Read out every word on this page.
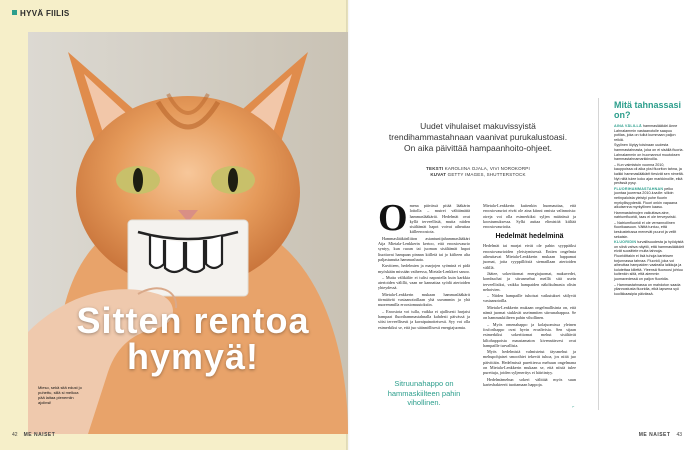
HYVÄ FIILIS
Sitten rentoa
hymyä!
Mieso, sekä sitä edust jo puhettu, sillä si melkoa pää laitaa pienemiin ajolinsi!
42 ME NAISET	ME NAISET 43
Uudet vihulaiset makuvissyistä trendihammastahnaan vaanivat purukalustoasi. On aika päivittää hampaanhoito-ohjeet.
TEKSTI KAROLIINA OJALA, VIVI NOROKORPI
KUVAT GETTY IMAGES, SHUTTERSTOCK
O mena päivässä pitää lääkärin loitolla – mutrei välttämättä hammaslääkäriä. Hedelmät ovat kyllä terveellisiä, mutta niiden sisältämät hapot voivat aiheuttaa kiilleeroosiota.

Hammaslääkäriliiton asiantuntijahammaslääkäri Aija Mietala-Lenkkerin kertoo, että eroosiovaurio syntyy, kun ruoan tai juoman sisältämät hapot liuottavat hampaan pinnan kiilletä tai jo kiilteen alta paljastunutta hammasluuta.

Kuvitteen, hedelmien ja marjojen syöminä ei pidä myöskään missään vaiheessa, Mietala-Lenkkeri sanoo.

– Mutta välikäläv ei tulisi napostella kuin karkkia aterioiden välillä, vaan ne kannattaa syödä aterioiden yhteydessä.

Mietala-Lenkkerin mukaan hammaslääkärit törmäävät vastaanotoillaan yhä useammin ja yhä nuoremmilla eroosiomuutoksiin.

– Eroosiota voi tulla, vaikka ei ajallisesti harjaisi hampaat fluorihammastahnalla kahdesti päivässä ja söisi terveellisesti ja kavaipainotteisesti. Syy voi olla esimerkiksi se, että juo säännöllisesti energiajuomia.

Sitruunahappo on hammaskiilteen pahin vihollinen.

Mietala-Lenkkerin kuitenkin huomauttaa, että eroosiovauriot eivät ole aina kiinni omista valinnoista: oireja voi olla esimerkiksi syljen määrässä ja koostumuksessa. Sylki auttaa elimistöä kiiltää eroosiovaurioita.

Hedelmät hedelminä

Hedelmät tai marjat eivät ole pahin syyppäiksi eroosiovaurioiden yleistymisessä. Entien ongelmia aiheuttavat Mietala-Lenkkerin mukaan happamat juomat, joita ryyppillöisiä siemaillaan aterioiden välillä.

Jäätee, sokerittomat energiajuomat, makuvedet, kombuchat ja sitrusmehut meillä sitä usein terveellisiksi, vaikka hampaiden näkökulmasta olisin nehoivien.

– Niiden hampaille tuhoisat vaikutukset säilyvät vastaanotoilla.

Mietala-Lenkkerin mukaan ongelmallisinta on, että nämä juomat siukkvät useimmiten siirrunahappoa. Se on hammaskiilteen pahin vihollinen.

– Myös omenahappo ja kolajuomissa yleinen fosforihappo ovat hyvin eroaltvisia. Sen sijaan esimerkiksi sokerittomat mehut sisältävät kiltohappoista maustamaton kivennäisvesi ovat hampaille turvallisia.

Myös hedelmistä valmistetut täysmehut ja mehupohjaiset smoothiet tekevät tuhoa, jos niitä juo päivittäin. Hedelmissä purettiessa mehuun ongelmana on Mietala-Lenkkerin mukaan se, että niistä tulee purettuja, joiden syljeneritys ei häiriintyy.

Hedelmämehun sokeri välittää myös suun kariesbakteerit tuottamaan happoja.

⌐
Mitä tahnassasi on?

AINA VÄLILLÄ hammaslääkäri Anne Lahnalammin vastaanotolle saapuu potilas, joka on tullut kummaan paljon reikiä.

Syylinen löytyy toisinaan uudesta hammastahnasta, joka on ei sisällä fluoria. Lahnalammin on huomannut muutoksen hammastahnamarkkinoilla.

– Kun valmistuin vuonna 2010, kauppoissa oli aika yksi fluoriton tahna, ja kaikki hammaslääkärit tiesivät sen nimeltä. Nyt niitä tulee koko ajan markkinoille, eikä perässä pysy.

FLUORIHAMMASTAHNAN pelko juontaa juurensa 2010-luvulle: silloin netinpaloista yleistyi puhe fluorin myrkyllisyydestä. Fluori onkin vapaana aikuisenna myrkyllinen kaasu.

Hammastahnojen vaikuttava aine, natriumfluoridi, taas ei ole terveysriski.

– Natriumfluoridi ei ole verrannollinen fluorikaasuun. Väittä tuntuu, että keskustelussa menevät puurot ja vellit sekaisin.

KLUORIDIN turvallisuudesta ja hyödyistä on siinä vahva näyttö, että hammaslääkärit eivät suosittele muita tahnoja. Fluoridittakin ei lisä tuhoja karieksen torjunnassa tahnaa. Fluoridi, joka voi aiheuttaa hampaiden vaalealla laikkuja ja kulutettaa kiilettä. Yleensä fluoroosi johtuu kuitenkin siitä, että aiemmin juomavedessä on paljon fluoridia.

– Hammastahnassa on mahdoton saada yliannostusta fluoridia, eikä lapsena syö kuolikkaasipia päivässä.
